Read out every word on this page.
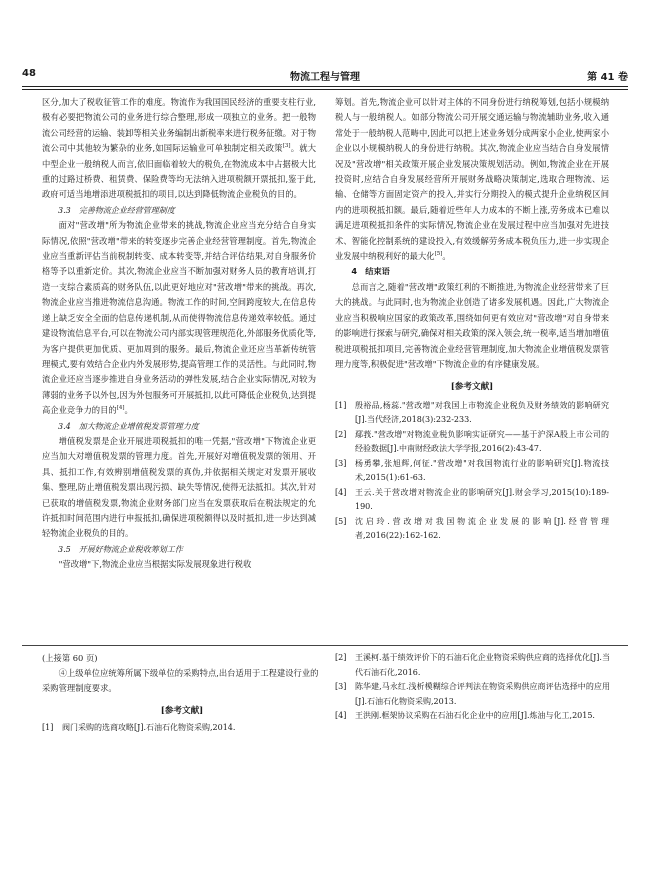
48	物流工程与管理	第 41 卷

区分,加大了税收征管工作的难度。物流作为我国国民经济的重要支柱行业,极有必要把物流公司的业务进行综合整理,形成一项独立的业务。把一般物流公司经营的运输、装卸等相关业务编制出新税率来进行税务征缴。对于物流公司中其他较为繁杂的业务,如国际运输业可单独制定相关政策[3]。就大中型企业一般纳税人而言,依旧面临着较大的税负,在物流成本中占据极大比重的过路过桥费、租赁费、保险费等均无法纳入进项税额开票抵扣,鉴于此,政府可适当地增添进项税抵扣的项目,以达到降低物流企业税负的目的。

3.3　完善物流企业经营管理制度

面对"营改增"所为物流企业带来的挑战,物流企业应当充分结合自身实际情况,依照"营改增"带来的转变逐步完善企业经营管理制度。首先,物流企业应当重新评估当前税制转变、成本转变等,并结合评估结果,对自身服务价格等予以重新定价。其次,物流企业应当不断加强对财务人员的教育培训,打造一支综合素质高的财务队伍,以此更好地应对"营改增"带来的挑战。再次,物流企业应当推进物流信息沟通。物流工作的时间,空间跨度较大,在信息传递上缺乏安全全面的信息传递机制,从而使得物流信息传递效率较低。通过建设物流信息平台,可以在物流公司内部实现管理规范化,外部服务优质化等,为客户提供更加优质、更加周到的服务。最后,物流企业还应当革新传统管理模式,要有效结合企业内外发展形势,提高管理工作的灵活性。与此同时,物流企业还应当逐步推进自身业务活动的弹性发展,结合企业实际情况,对较为薄弱的业务予以外包,因为外包服务可开展抵扣,以此可降低企业税负,达到提高企业竞争力的目的[4]。

3.4　加大物流企业增值税发票管理力度

增值税发票是企业开展进项税抵扣的唯一凭据,"营改增"下物流企业更应当加大对增值税发票的管理力度。首先,开展好对增值税发票的领用、开具、抵扣工作,有效辨别增值税发票的真伪,并依据相关规定对发票开展收集、整理,防止增值税发票出现污损、缺失等情况,使得无法抵扣。其次,针对已获取的增值税发票,物流企业财务部门应当在发票获取后在税法规定的允许抵扣时间范围内进行申报抵扣,确保进项税额得以及时抵扣,进一步达到减轻物流企业税负的目的。

3.5　开展好物流企业税收筹划工作

"营改增"下,物流企业应当根据实际发展现象进行税收

筹划。首先,物流企业可以针对主体的不同身份进行纳税筹划,包括小规模纳税人与一般纳税人。如部分物流公司开展交通运输与物流辅助业务,收入通常处于一般纳税人范畴中,因此可以把上述业务划分成两家小企业,使两家小企业以小规模纳税人的身份进行纳税。其次,物流企业应当结合自身发展情况及"营改增"相关政策开展企业发展决策规划活动。例如,物流企业在开展投资时,应结合自身发展经营所开展财务战略决策制定,选取合理物流、运输、仓储等方面固定资产的投入,并实行分期投入的模式提升企业纳税区间内的进项税抵扣额。最后,随着近些年人力成本的不断上涨,劳务成本已难以满足进项税抵扣条件的实际情况,物流企业在发展过程中应当加强对先进技术、智能化控制系统的建设投入,有效缓解劳务成本税负压力,进一步实现企业发展中纳税利好的最大化[5]。

4　结束语

总而言之,随着"营改增"政策红利的不断推进,为物流企业经营带来了巨大的挑战。与此同时,也为物流企业创造了诸多发展机遇。因此,广大物流企业应当积极响应国家的政策改革,围绕如何更有效应对"营改增"对自身带来的影响进行探索与研究,确保对相关政策的深入领会,统一税率,适当增加增值税进项税抵扣项目,完善物流企业经营管理制度,加大物流企业增值税发票管理力度等,积极促进"营改增"下物流企业的有序健康发展。

[参考文献]
[1]	殷裕品,杨蕊."营改增"对我国上市物流企业税负及财务绩效的影响研究[J].当代经济,2018(3):232-233.
[2]	鄢莪."营改增"对物流业税负影响实证研究——基于沪深A股上市公司的经验数据[J].中南财经政法大学学报,2016(2):43-47.
[3]	杨勇攀,张旭辉,何征."营改增"对我国物流行业的影响研究[J].物流技术,2015(1):61-63.
[4]	王云.关于营改增对物流企业的影响研究[J].财会学习,2015(10):189-190.
[5]	沈启玲.营改增对我国物流企业发展的影响[J].经营管理者,2016(22):162-162.

(上接第 60 页)

④上级单位应统筹所属下级单位的采购特点,出台适用于工程建设行业的采购管理制度要求。

[参考文献]
[1]	阀门采购的选商攻略[J].石油石化物资采购,2014.
[2]	王溪柯.基于绩效评价下的石油石化企业物资采购供应商的选择优化[J].当代石油石化,2016.
[3]	陈华建,马永红.浅析模糊综合评判法在物资采购供应商评估选择中的应用[J].石油石化物资采购,2013.
[4]	王洪刚.框架协议采购在石油石化企业中的应用[J].炼油与化工,2015.
